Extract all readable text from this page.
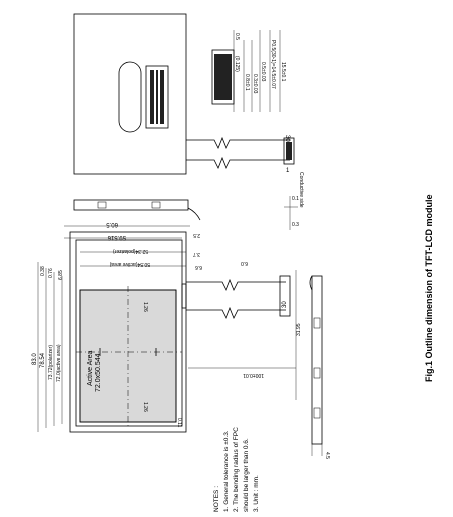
30
1
Conductive side
0.5
(0.125)
0.8±0.1 0.3±0.03
0.5±0.03 P0.5(30-1)=14.5±0.07 15.5±0.1
0.1
0.3
60.5
59.516
52.34(polarizer)
50.54(active area)
2.5
3.7
6.6
6.0
1.26
1.26
0.11
Active Area 72.0x50.544
83.0 78.54 73.72(polarizer) 72.0(active area)
0.38 0.76 6.85
30
31.95
100±0.01
4.5
NOTES : 1. General tolerance is ±0.3. 2. The bending radius of FPC should be larger than 0.6. 3. Unit : mm.
Fig.1 Outline dimension of TFT-LCD module
